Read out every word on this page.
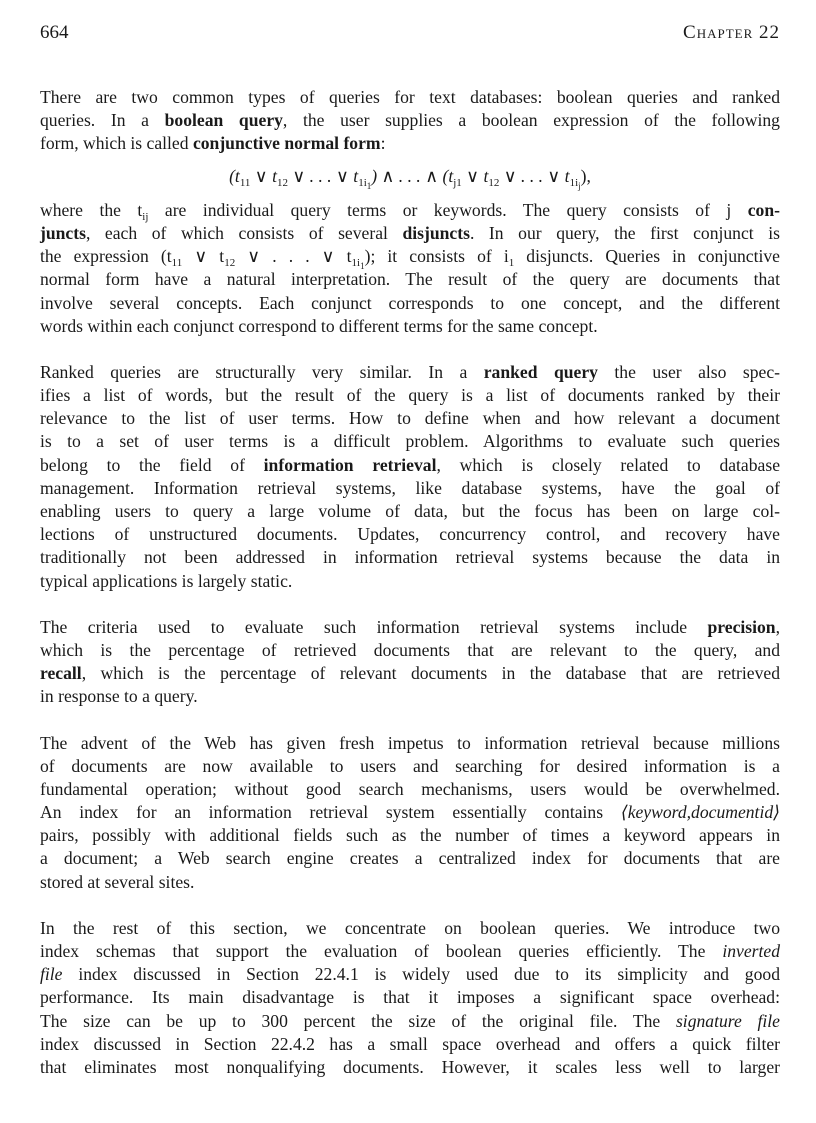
664	Chapter 22
There are two common types of queries for text databases: boolean queries and ranked
queries. In a boolean query, the user supplies a boolean expression of the following
form, which is called conjunctive normal form:
($t_{11}$ ∨ $t_{12}$ ∨ . . . ∨ $t_{1i_1}$) ∧ . . . ∧ ($t_{j1}$ ∨ $t_{12}$ ∨ . . . ∨ $t_{1i_j}$),
where the $t_{ij}$ are individual query terms or keywords. The query consists of j con-
juncts, each of which consists of several disjuncts. In our query, the first conjunct is
the expression ($t_{11}$ ∨ $t_{12}$ ∨ . . . ∨ $t_{1i_1}$); it consists of $i_1$ disjuncts. Queries in conjunctive
normal form have a natural interpretation. The result of the query are documents that
involve several concepts. Each conjunct corresponds to one concept, and the different
words within each conjunct correspond to different terms for the same concept.
Ranked queries are structurally very similar. In a ranked query the user also spec-
ifies a list of words, but the result of the query is a list of documents ranked by their
relevance to the list of user terms. How to define when and how relevant a document
is to a set of user terms is a difficult problem. Algorithms to evaluate such queries
belong to the field of information retrieval, which is closely related to database
management. Information retrieval systems, like database systems, have the goal of
enabling users to query a large volume of data, but the focus has been on large col-
lections of unstructured documents. Updates, concurrency control, and recovery have
traditionally not been addressed in information retrieval systems because the data in
typical applications is largely static.
The criteria used to evaluate such information retrieval systems include precision,
which is the percentage of retrieved documents that are relevant to the query, and
recall, which is the percentage of relevant documents in the database that are retrieved
in response to a query.
The advent of the Web has given fresh impetus to information retrieval because millions
of documents are now available to users and searching for desired information is a
fundamental operation; without good search mechanisms, users would be overwhelmed.
An index for an information retrieval system essentially contains ⟨keyword,documentid⟩
pairs, possibly with additional fields such as the number of times a keyword appears in
a document; a Web search engine creates a centralized index for documents that are
stored at several sites.
In the rest of this section, we concentrate on boolean queries. We introduce two
index schemas that support the evaluation of boolean queries efficiently. The inverted
file index discussed in Section 22.4.1 is widely used due to its simplicity and good
performance. Its main disadvantage is that it imposes a significant space overhead:
The size can be up to 300 percent the size of the original file. The signature file
index discussed in Section 22.4.2 has a small space overhead and offers a quick filter
that eliminates most nonqualifying documents. However, it scales less well to larger
